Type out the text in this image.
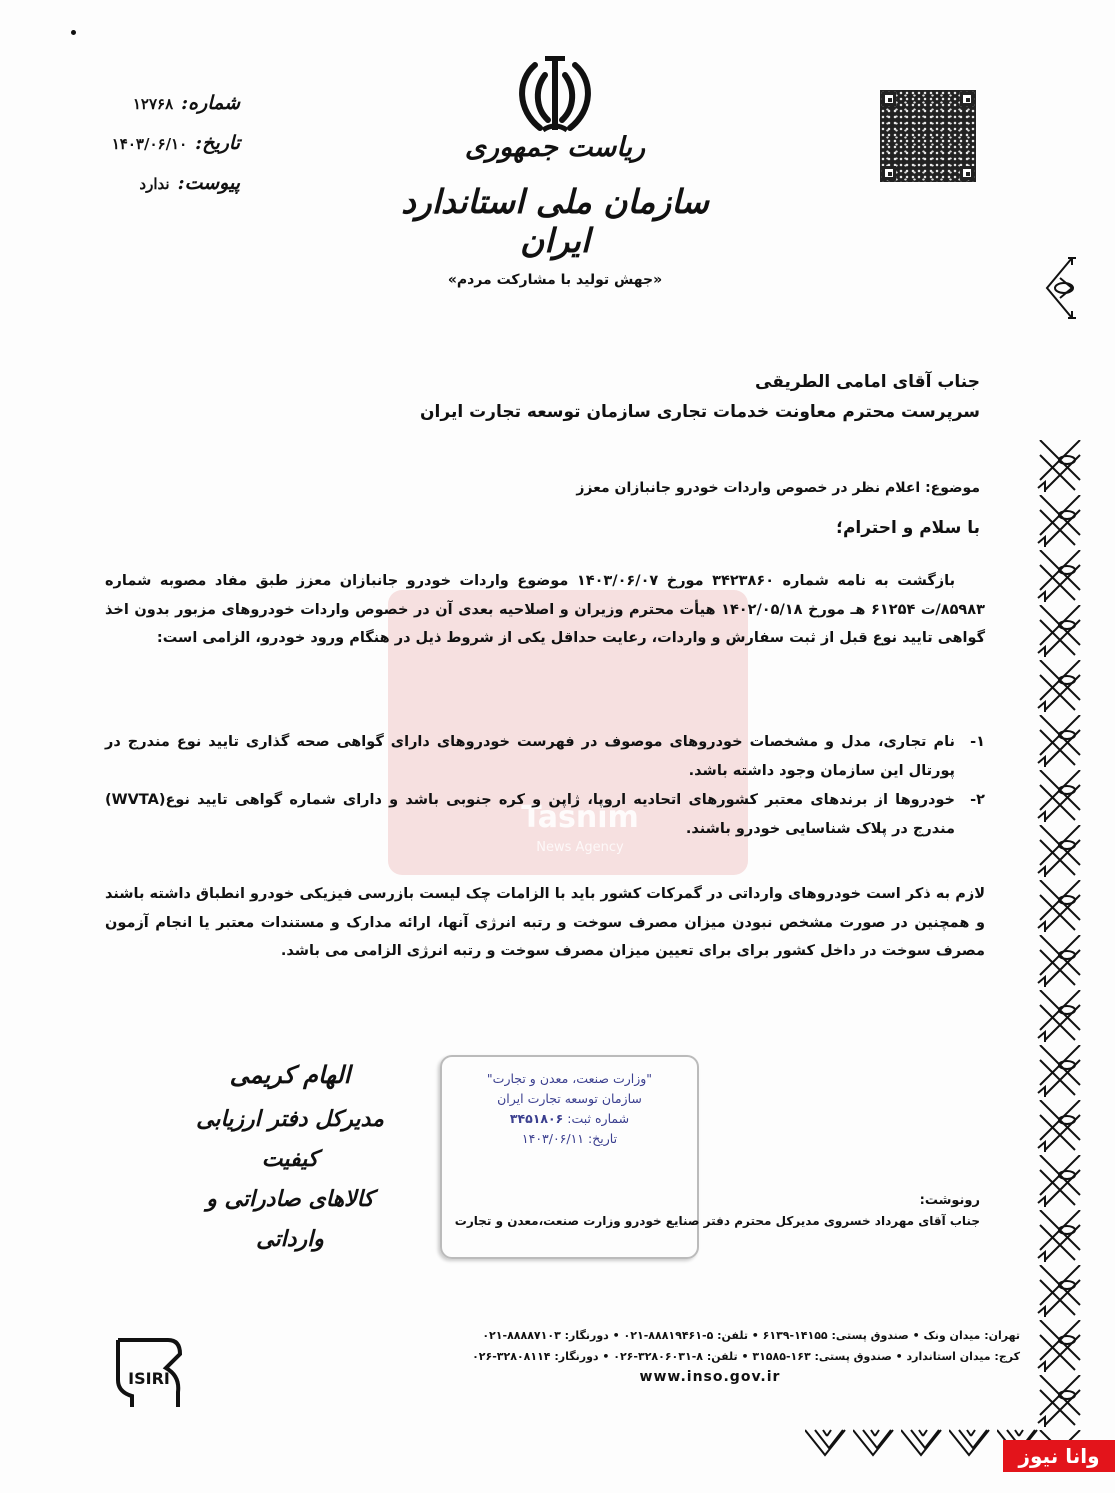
شماره:
۱۲۷۶۸
تاریخ:
۱۴۰۳/۰۶/۱۰
پیوست:
ندارد
ریاست جمهوری
سازمان ملی استاندارد ایران
«جهش تولید با مشارکت مردم»
Tasnim
News Agency
جناب آقای امامی الطریقی
سرپرست محترم معاونت خدمات تجاری سازمان توسعه تجارت ایران
موضوع: اعلام نظر در خصوص واردات خودرو جانبازان معزز
با سلام و احترام؛
بازگشت به نامه شماره ۳۴۲۳۸۶۰ مورخ ۱۴۰۳/۰۶/۰۷ موضوع واردات خودرو جانبازان معزز طبق مفاد مصوبه شماره ۸۵۹۸۳/ت ۶۱۲۵۴ هـ مورخ ۱۴۰۲/۰۵/۱۸ هیأت محترم وزیران و اصلاحیه بعدی آن در خصوص واردات خودروهای مزبور بدون اخذ گواهی تایید نوع قبل از ثبت سفارش و واردات، رعایت حداقل یکی از شروط ذیل در هنگام ورود خودرو، الزامی است:
۱-
نام تجاری، مدل و مشخصات خودروهای موصوف در فهرست خودروهای دارای گواهی صحه گذاری تایید نوع مندرج در پورتال این سازمان وجود داشته باشد.
۲-
خودروها از برندهای معتبر کشورهای اتحادیه اروپا، ژاپن و کره جنوبی باشد و دارای شماره گواهی تایید نوع(WVTA) مندرج در پلاک شناسایی خودرو باشند.
لازم به ذکر است خودروهای وارداتی در گمرکات کشور باید با الزامات چک لیست بازرسی فیزیکی خودرو انطباق داشته باشند و همچنین در صورت مشخص نبودن میزان مصرف سوخت و رتبه انرژی آنها، ارائه مدارک و مستندات معتبر یا انجام آزمون مصرف سوخت در داخل کشور برای برای تعیین میزان مصرف سوخت و رتبه انرژی الزامی می باشد.
الهام کریمی
مدیرکل دفتر ارزیابی کیفیت
کالاهای صادراتی و وارداتی
"وزارت صنعت، معدن و تجارت"
سازمان توسعه تجارت ایران
شماره ثبت: ۳۴۵۱۸۰۶
تاریخ: ۱۴۰۳/۰۶/۱۱
رونوشت:
جناب آقای مهرداد خسروی مدیرکل محترم دفتر صنایع خودرو وزارت صنعت،معدن و تجارت
ISIRI
تهران: میدان ونک • صندوق پستی: ۱۴۱۵۵-۶۱۳۹ • تلفن: ۵-۸۸۸۱۹۴۶۱-۰۲۱ • دورنگار: ۸۸۸۸۷۱۰۳-۰۲۱
کرج: میدان استاندارد • صندوق پستی: ۱۶۳-۳۱۵۸۵ • تلفن: ۸-۳۲۸۰۶۰۳۱-۰۲۶ • دورنگار: ۳۲۸۰۸۱۱۴-۰۲۶
www.inso.gov.ir
وانا نیوز
